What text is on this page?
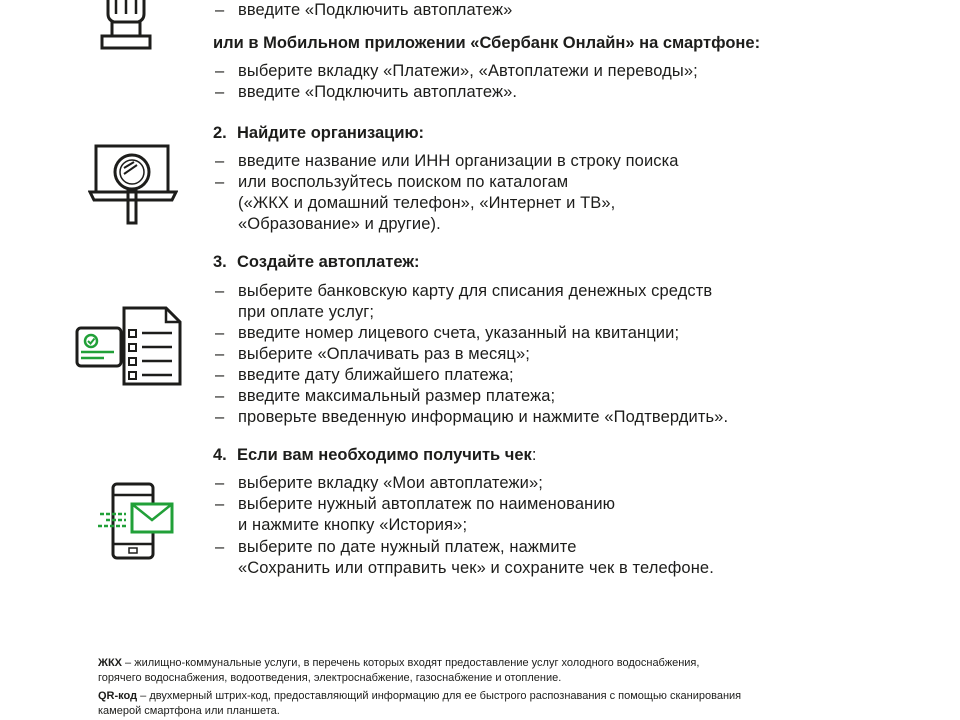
– введите «Подключить автоплатеж»
или в Мобильном приложении «Сбербанк Онлайн» на смартфоне:
– выберите вкладку «Платежи», «Автоплатежи и переводы»;
– введите «Подключить автоплатеж».
2. Найдите организацию:
– введите название или ИНН организации в строку поиска
– или воспользуйтесь поиском по каталогам
(«ЖКХ и домашний телефон», «Интернет и ТВ»,
«Образование» и другие).
3. Создайте автоплатеж:
– выберите банковскую карту для списания денежных средств
при оплате услуг;
– введите номер лицевого счета, указанный на квитанции;
– выберите «Оплачивать раз в месяц»;
– введите дату ближайшего платежа;
– введите максимальный размер платежа;
– проверьте введенную информацию и нажмите «Подтвердить».
4. Если вам необходимо получить чек:
– выберите вкладку «Мои автоплатежи»;
– выберите нужный автоплатеж по наименованию
и нажмите кнопку «История»;
– выберите по дате нужный платеж, нажмите
«Сохранить или отправить чек» и сохраните чек в телефоне.
ЖКХ – жилищно-коммунальные услуги, в перечень которых входят предоставление услуг холодного водоснабжения,
горячего водоснабжения, водоотведения, электроснабжение, газоснабжение и отопление.
QR-код – двухмерный штрих-код, предоставляющий информацию для ее быстрого распознавания с помощью сканирования
камерой смартфона или планшета.
